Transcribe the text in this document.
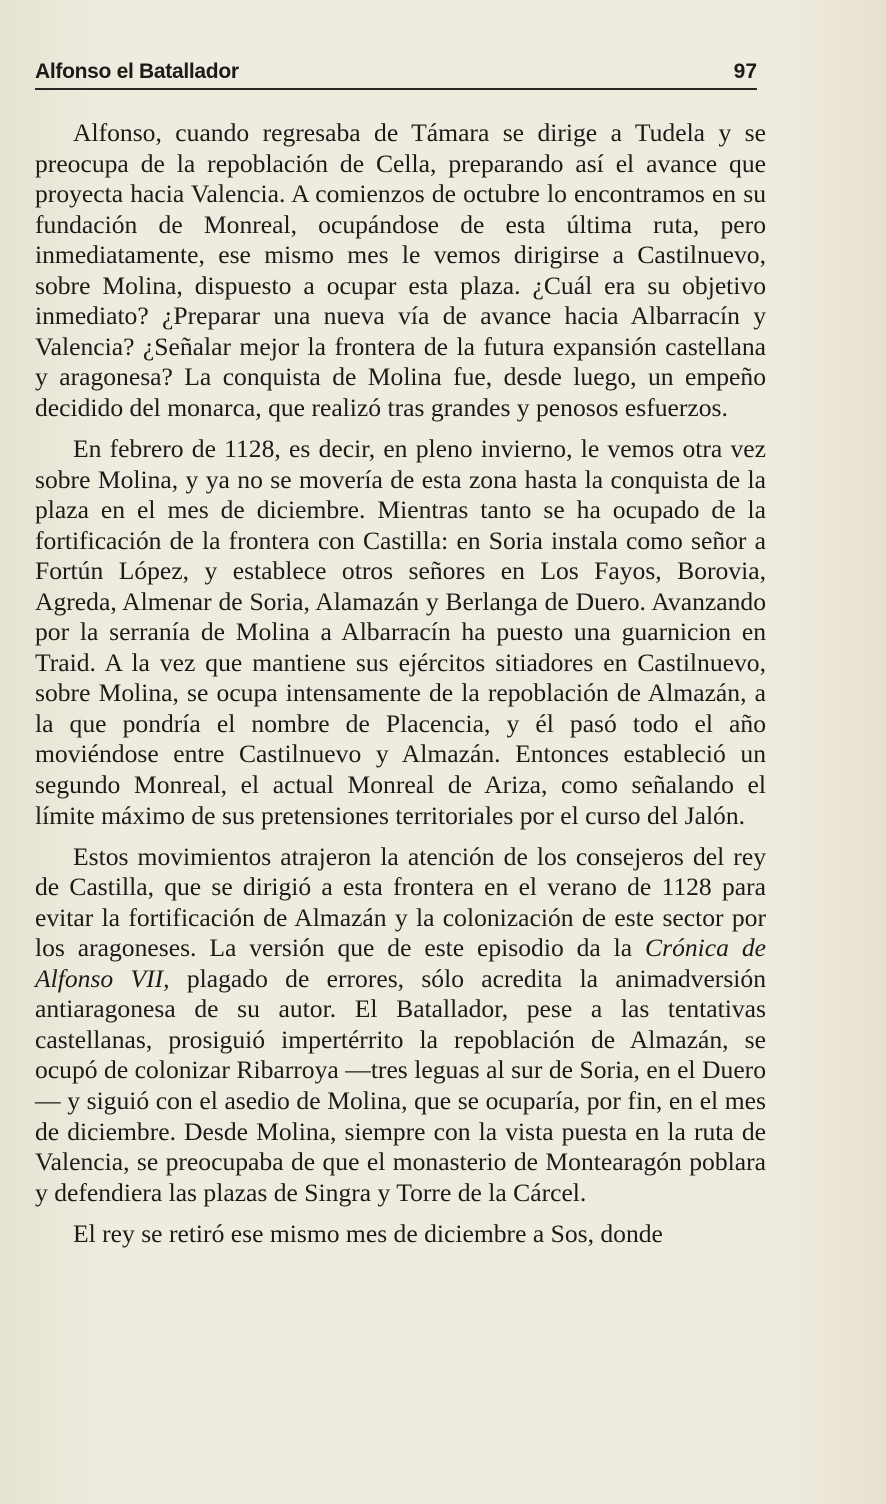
Alfonso el Batallador	97

Alfonso, cuando regresaba de Támara se dirige a Tudela y se preocupa de la repoblación de Cella, preparando así el avance que proyecta hacia Valencia. A comienzos de octubre lo encontramos en su fundación de Monreal, ocupándose de esta última ruta, pero inmediatamente, ese mismo mes le vemos dirigirse a Castilnuevo, sobre Molina, dispuesto a ocupar esta plaza. ¿Cuál era su objetivo inmediato? ¿Preparar una nueva vía de avance hacia Albarracín y Valencia? ¿Señalar mejor la frontera de la futura expansión castellana y aragonesa? La conquista de Molina fue, desde luego, un empeño decidido del monarca, que realizó tras grandes y penosos esfuerzos.

En febrero de 1128, es decir, en pleno invierno, le vemos otra vez sobre Molina, y ya no se movería de esta zona hasta la conquista de la plaza en el mes de diciembre. Mientras tanto se ha ocupado de la fortificación de la frontera con Castilla: en Soria instala como señor a Fortún López, y establece otros señores en Los Fayos, Borovia, Agreda, Almenar de Soria, Alamazán y Berlanga de Duero. Avanzando por la serranía de Molina a Albarracín ha puesto una guarnicion en Traid. A la vez que mantiene sus ejércitos sitiadores en Castilnuevo, sobre Molina, se ocupa intensamente de la repoblación de Almazán, a la que pondría el nombre de Placencia, y él pasó todo el año moviéndose entre Castilnuevo y Almazán. Entonces estableció un segundo Monreal, el actual Monreal de Ariza, como señalando el límite máximo de sus pretensiones territoriales por el curso del Jalón.

Estos movimientos atrajeron la atención de los consejeros del rey de Castilla, que se dirigió a esta frontera en el verano de 1128 para evitar la fortificación de Almazán y la colonización de este sector por los aragoneses. La versión que de este episodio da la Crónica de Alfonso VII, plagado de errores, sólo acredita la animadversión antiaragonesa de su autor. El Batallador, pese a las tentativas castellanas, prosiguió impertérrito la repoblación de Almazán, se ocupó de colonizar Ribarroya —tres leguas al sur de Soria, en el Duero— y siguió con el asedio de Molina, que se ocuparía, por fin, en el mes de diciembre. Desde Molina, siempre con la vista puesta en la ruta de Valencia, se preocupaba de que el monasterio de Montearagón poblara y defendiera las plazas de Singra y Torre de la Cárcel.

El rey se retiró ese mismo mes de diciembre a Sos, donde
